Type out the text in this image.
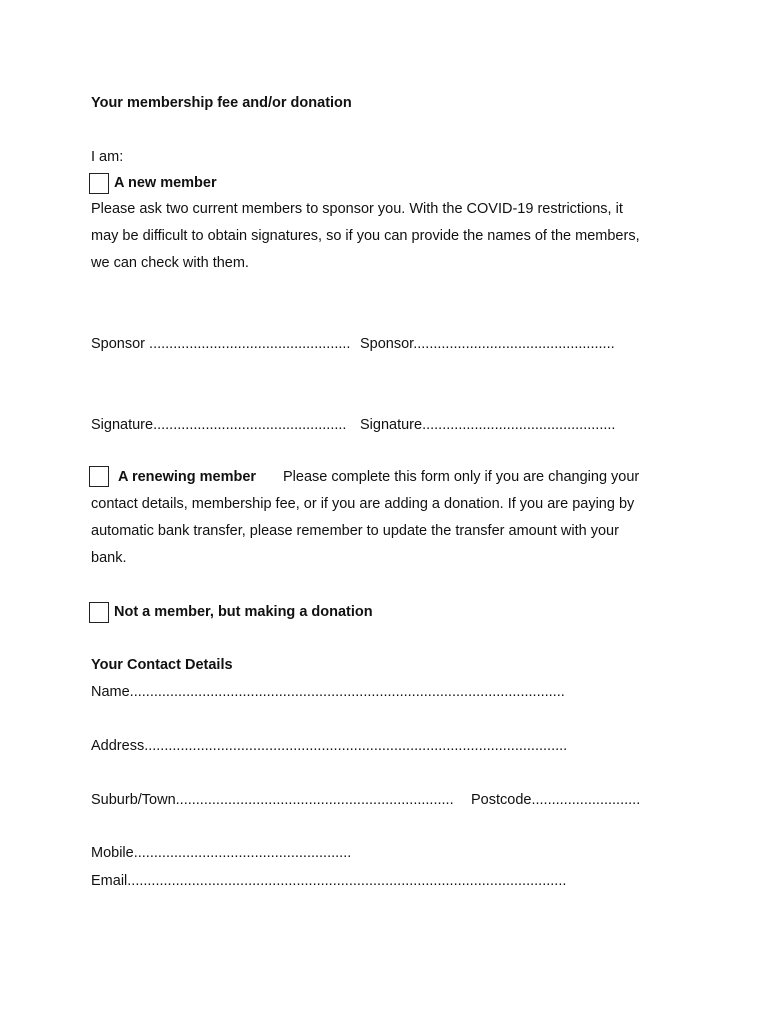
Your membership fee and/or donation
I am:
A new member
Please ask two current members to sponsor you. With the COVID-19 restrictions, it
may be difficult to obtain signatures, so if you can provide the names of the members,
we can check with them.
Sponsor .................................................. Sponsor..................................................
Signature................................................ Signature................................................
A renewing member Please complete this form only if you are changing your
contact details, membership fee, or if you are adding a donation. If you are paying by
automatic bank transfer, please remember to update the transfer amount with your
bank.
Not a member, but making a donation
Your Contact Details
Name............................................................................................................
Address.........................................................................................................
Suburb/Town..................................................................... Postcode...........................
Mobile......................................................
Email.............................................................................................................
